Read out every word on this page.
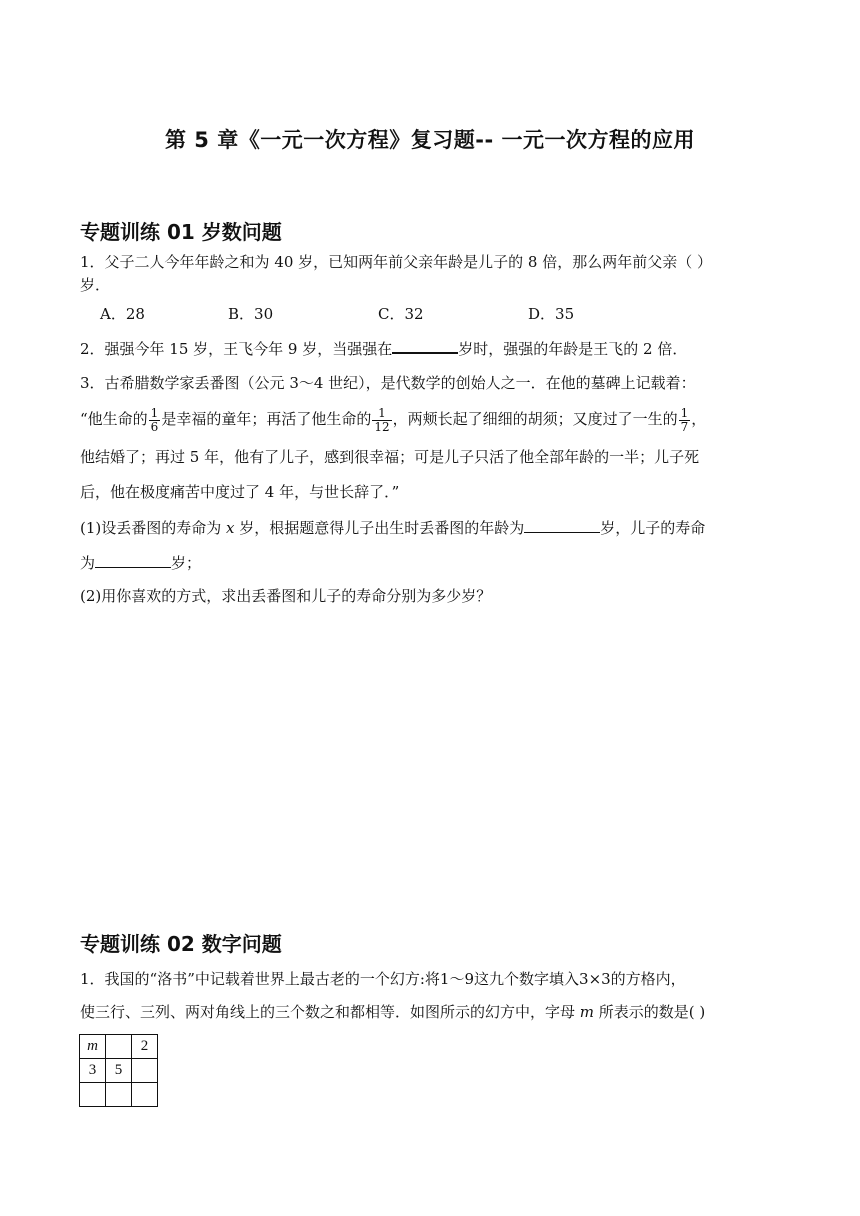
第 5 章《一元一次方程》复习题-- 一元一次方程的应用
专题训练 01 岁数问题
1．父子二人今年年龄之和为 40 岁，已知两年前父亲年龄是儿子的 8 倍，那么两年前父亲（ ）
岁．
A．28	B．30	C．32	D．35
2．强强今年 15 岁，王飞今年 9 岁，当强强在	岁时，强强的年龄是王飞的 2 倍．
3．古希腊数学家丢番图（公元 3～4 世纪），是代数学的创始人之一．在他的墓碑上记载着：
“他生命的 $\frac{1}{6}$ 是幸福的童年；再活了他生命的 $\frac{1}{12}$ ，两颊长起了细细的胡须；又度过了一生的 $\frac{1}{7}$ ，
他结婚了；再过 5 年，他有了儿子，感到很幸福；可是儿子只活了他全部年龄的一半；儿子死
后，他在极度痛苦中度过了 4 年，与世长辞了．”
(1)设丢番图的寿命为 x 岁，根据题意得儿子出生时丢番图的年龄为	岁，儿子的寿命
为	岁；
(2)用你喜欢的方式，求出丢番图和儿子的寿命分别为多少岁？
专题训练 02 数字问题
1．我国的“洛书”中记载着世界上最古老的一个幻方:将1～9这九个数字填入3×3的方格内，
使三行、三列、两对角线上的三个数之和都相等．如图所示的幻方中，字母 m 所表示的数是( )
m		2
3	5	
